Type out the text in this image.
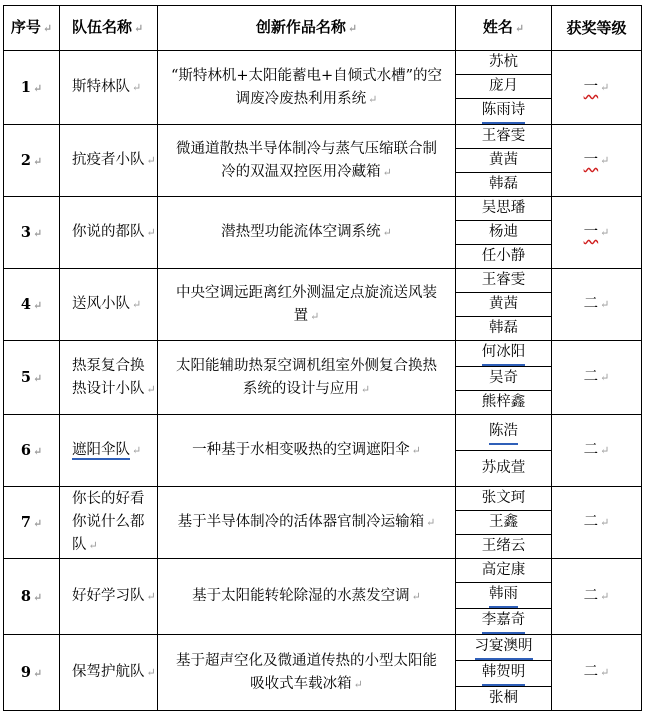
序号 ↵	队伍名称 ↵	创新作品名称 ↵	姓名 ↵	获奖等级
1 ↵	斯特林队 ↵	“斯特林机+太阳能蓄电+自倾式水槽”的空调废冷废热利用系统 ↵	苏杭
庞月
陈雨诗	一 ↵
2 ↵	抗疫者小队 ↵	微通道散热半导体制冷与蒸气压缩联合制冷的双温双控医用冷藏箱 ↵	王睿雯
黄茜
韩磊	一 ↵
3 ↵	你说的都队 ↵	潜热型功能流体空调系统 ↵	吴思璠
杨迪
任小静	一 ↵
4 ↵	送风小队 ↵	中央空调远距离红外测温定点旋流送风装置 ↵	王睿雯
黄茜
韩磊	二 ↵
5 ↵	热泵复合换热设计小队 ↵	太阳能辅助热泵空调机组室外侧复合换热系统的设计与应用 ↵	何冰阳
吴奇
熊梓鑫	二 ↵
6 ↵	遮阳伞队 ↵	一种基于水相变吸热的空调遮阳伞 ↵	陈浩
苏成萱	二 ↵
7 ↵	你长的好看你说什么都队 ↵	基于半导体制冷的活体器官制冷运输箱 ↵	张文珂
王鑫
王绪云	二 ↵
8 ↵	好好学习队 ↵	基于太阳能转轮除湿的水蒸发空调 ↵	高定康
韩雨
李嘉奇	二 ↵
9 ↵	保驾护航队 ↵	基于超声空化及微通道传热的小型太阳能吸收式车载冰箱 ↵	习宴澳明
韩贺明
张桐	二 ↵
